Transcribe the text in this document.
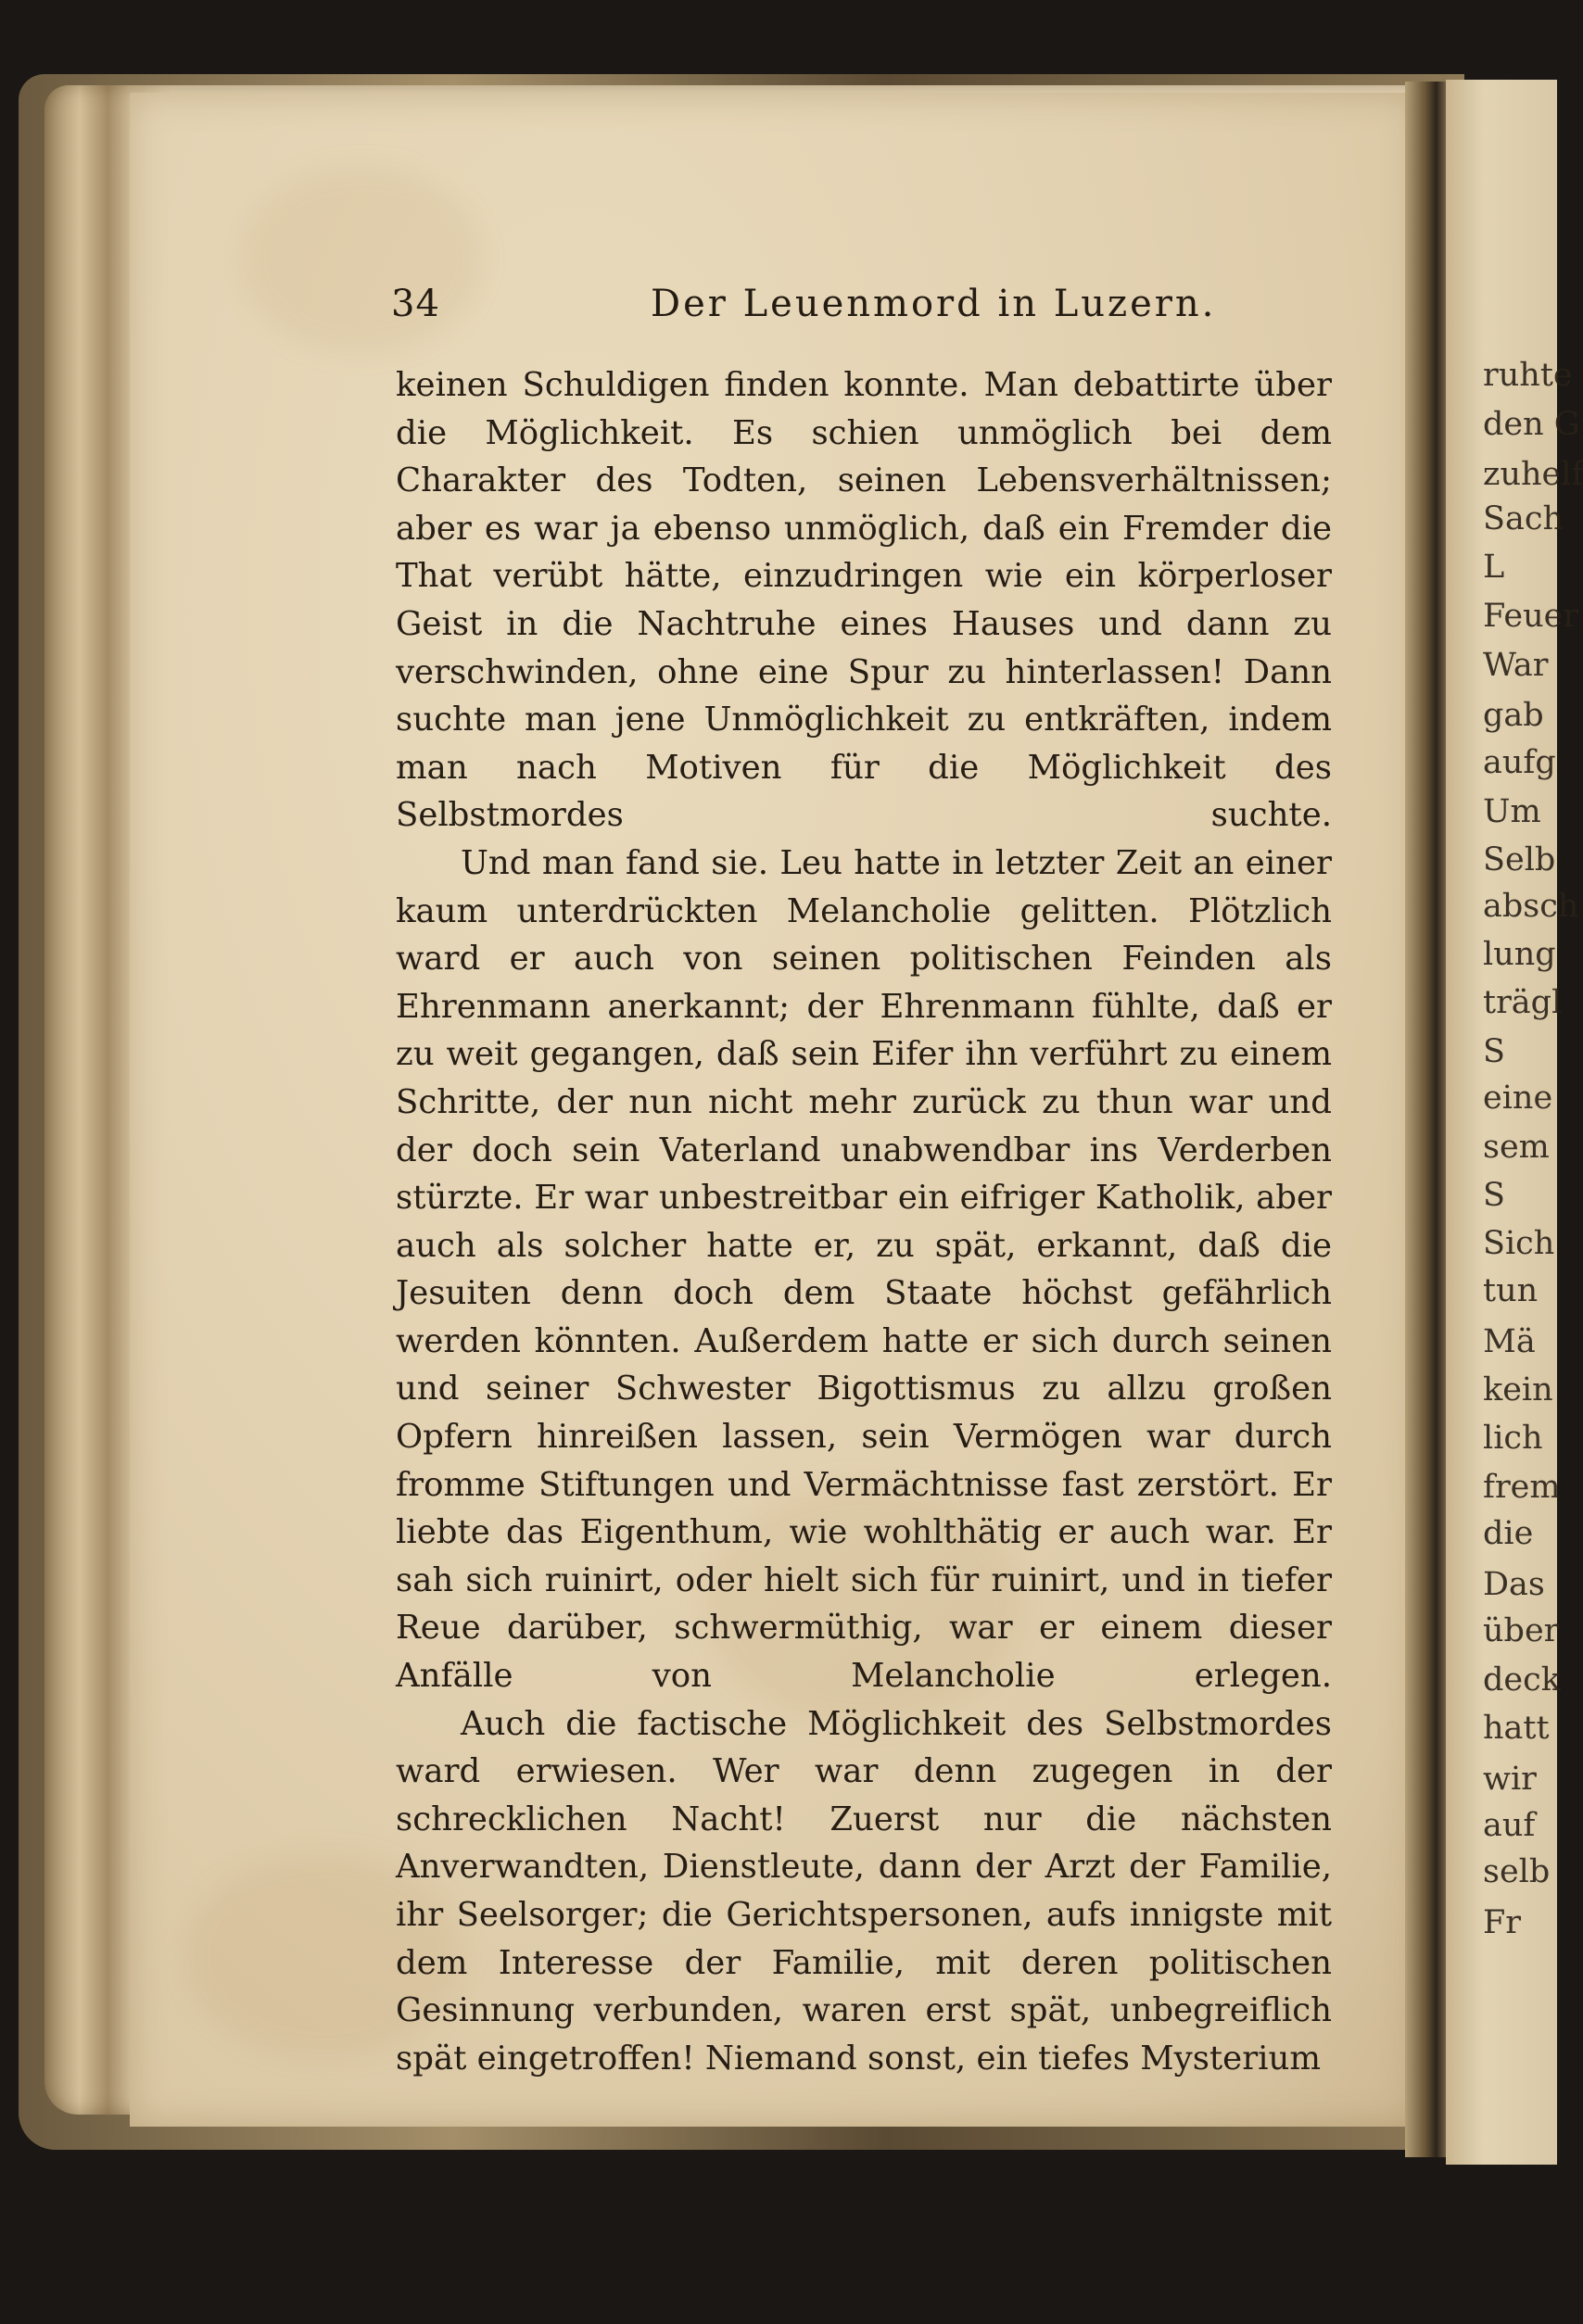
ruhte
den G
zuhelf
Sach
L
Feuer
War
gab
aufg
Um
Selb
absch
lung
trägl
S
eine
sem
S
Sich
tun
Mä
kein
lich
frem
die
Das
über
deck
hatt
wir
auf
selb
Fr
34	Der Leuenmord in Luzern.

keinen Schuldigen finden konnte. Man debattirte über die Möglichkeit. Es schien unmöglich bei dem Charakter des Todten, seinen Lebensverhältnissen; aber es war ja ebenso unmöglich, daß ein Fremder die That verübt hätte, einzudringen wie ein körperloser Geist in die Nachtruhe eines Hauses und dann zu verschwinden, ohne eine Spur zu hinterlassen! Dann suchte man jene Unmöglichkeit zu entkräften, indem man nach Motiven für die Möglichkeit des Selbstmordes suchte.

Und man fand sie. Leu hatte in letzter Zeit an einer kaum unterdrückten Melancholie gelitten. Plötzlich ward er auch von seinen politischen Feinden als Ehrenmann anerkannt; der Ehrenmann fühlte, daß er zu weit gegangen, daß sein Eifer ihn verführt zu einem Schritte, der nun nicht mehr zurück zu thun war und der doch sein Vaterland unabwendbar ins Verderben stürzte. Er war unbestreitbar ein eifriger Katholik, aber auch als solcher hatte er, zu spät, erkannt, daß die Jesuiten denn doch dem Staate höchst gefährlich werden könnten. Außerdem hatte er sich durch seinen und seiner Schwester Bigottismus zu allzu großen Opfern hinreißen lassen, sein Vermögen war durch fromme Stiftungen und Vermächtnisse fast zerstört. Er liebte das Eigenthum, wie wohlthätig er auch war. Er sah sich ruinirt, oder hielt sich für ruinirt, und in tiefer Reue darüber, schwermüthig, war er einem dieser Anfälle von Melancholie erlegen.

Auch die factische Möglichkeit des Selbstmordes ward erwiesen. Wer war denn zugegen in der schrecklichen Nacht! Zuerst nur die nächsten Anverwandten, Dienstleute, dann der Arzt der Familie, ihr Seelsorger; die Gerichtspersonen, aufs innigste mit dem Interesse der Familie, mit deren politischen Gesinnung verbunden, waren erst spät, unbegreiflich spät eingetroffen! Niemand sonst, ein tiefes Mysterium
